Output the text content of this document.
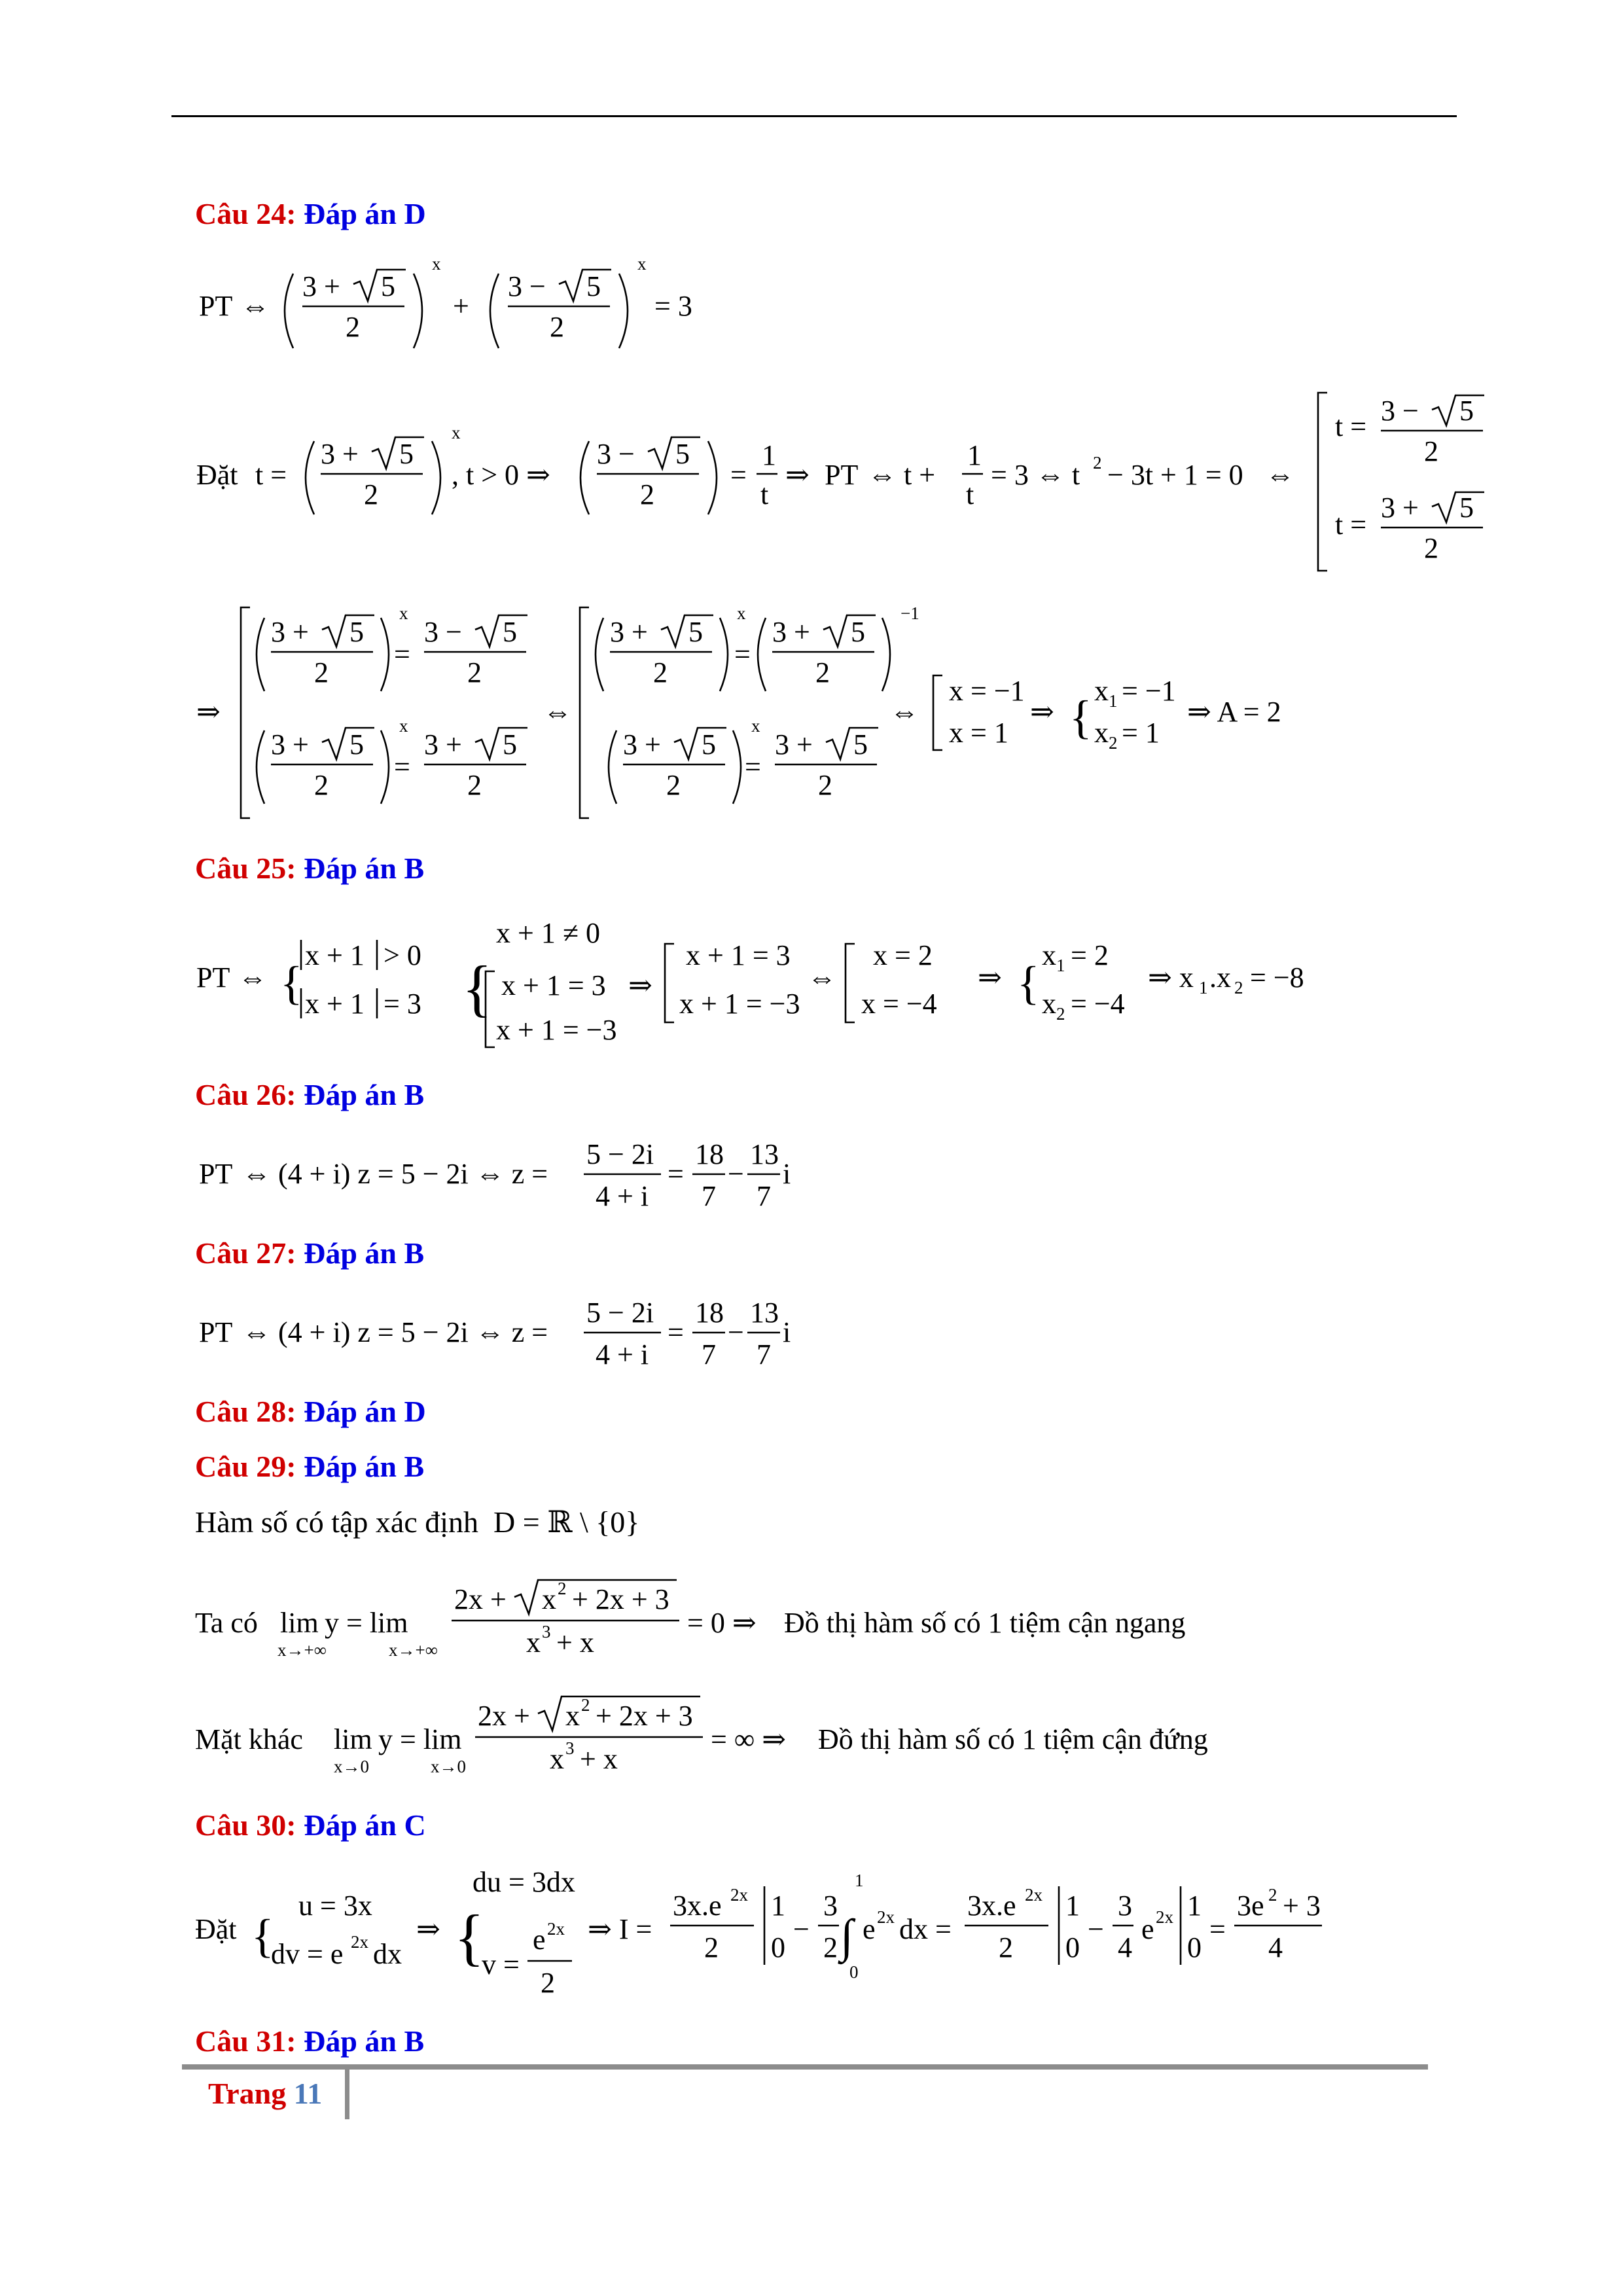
Câu 24: Đáp án D
PT ⇔
3 + 5
2
x
+
3 − 5
2
x
= 3
Đặt t =
3 + 5
2
x
, t > 0 ⇒
3 − 5
2
=
1
t
⇒ PT ⇔ t +
1
t
= 3 ⇔ t 2 − 3t + 1 = 0 ⇔
t = 3 − 5
2
t =
3 + 5
2
⇒
3 + 5
2
x
=
3 − 5
2
3 + 5
2
x
=
3 + 5
2
⇔
3 + 5
2
x
=
3 + 5
2
−1
3 + 5
2
x
=
3 + 5
2
⇔
x = −1
x = 1
⇒ {
x 1 = −1
x 2 = 1
⇒ A = 2
Câu 25: Đáp án B
PT ⇔ {
x + 1 > 0
x + 1 = 3 {
x + 1 ≠ 0
x + 1 = 3
x + 1 = −3
⇒
x + 1 = 3
x + 1 = −3
⇔
x = 2
x = −4
⇒ {
x 1 = 2
x 2 = −4
⇒ x 1 .x 2 = −8
Câu 26: Đáp án B
PT ⇔ (4 + i) z = 5 − 2i ⇔ z =
5 − 2i
4 + i
=
18
7
−
13
7
i
Câu 27: Đáp án B
PT ⇔ (4 + i) z = 5 − 2i ⇔ z =
5 − 2i
4 + i
=
18
7
−
13
7
i
Câu 28: Đáp án D
Câu 29: Đáp án B
Hàm số có tập xác định  D = ℝ \ {0}
Ta có lim
x→+∞
y = lim
x→+∞
2x + x 2 + 2x + 3
x 3 + x
= 0 ⇒ Đồ thị hàm số có 1 tiệm cận ngang
Mặt khác lim
x→0
y = lim
x→0
2x + x 2 + 2x + 3
x 3 + x
= ∞ ⇒ Đồ thị hàm số có 1 tiệm cận đứng
Câu 30: Đáp án C
Đặt {
u = 3x
dv = e 2x dx
⇒ {
du = 3dx
v =
e 2x
2
⇒ I =
3x.e 2x
2
1
0
−
3
2 ∫
1
0
e 2x dx =
3x.e 2x
2
1
0
−
3
4
e 2x 1
0
=
3e 2 + 3
4
Câu 31: Đáp án B
Trang 11
